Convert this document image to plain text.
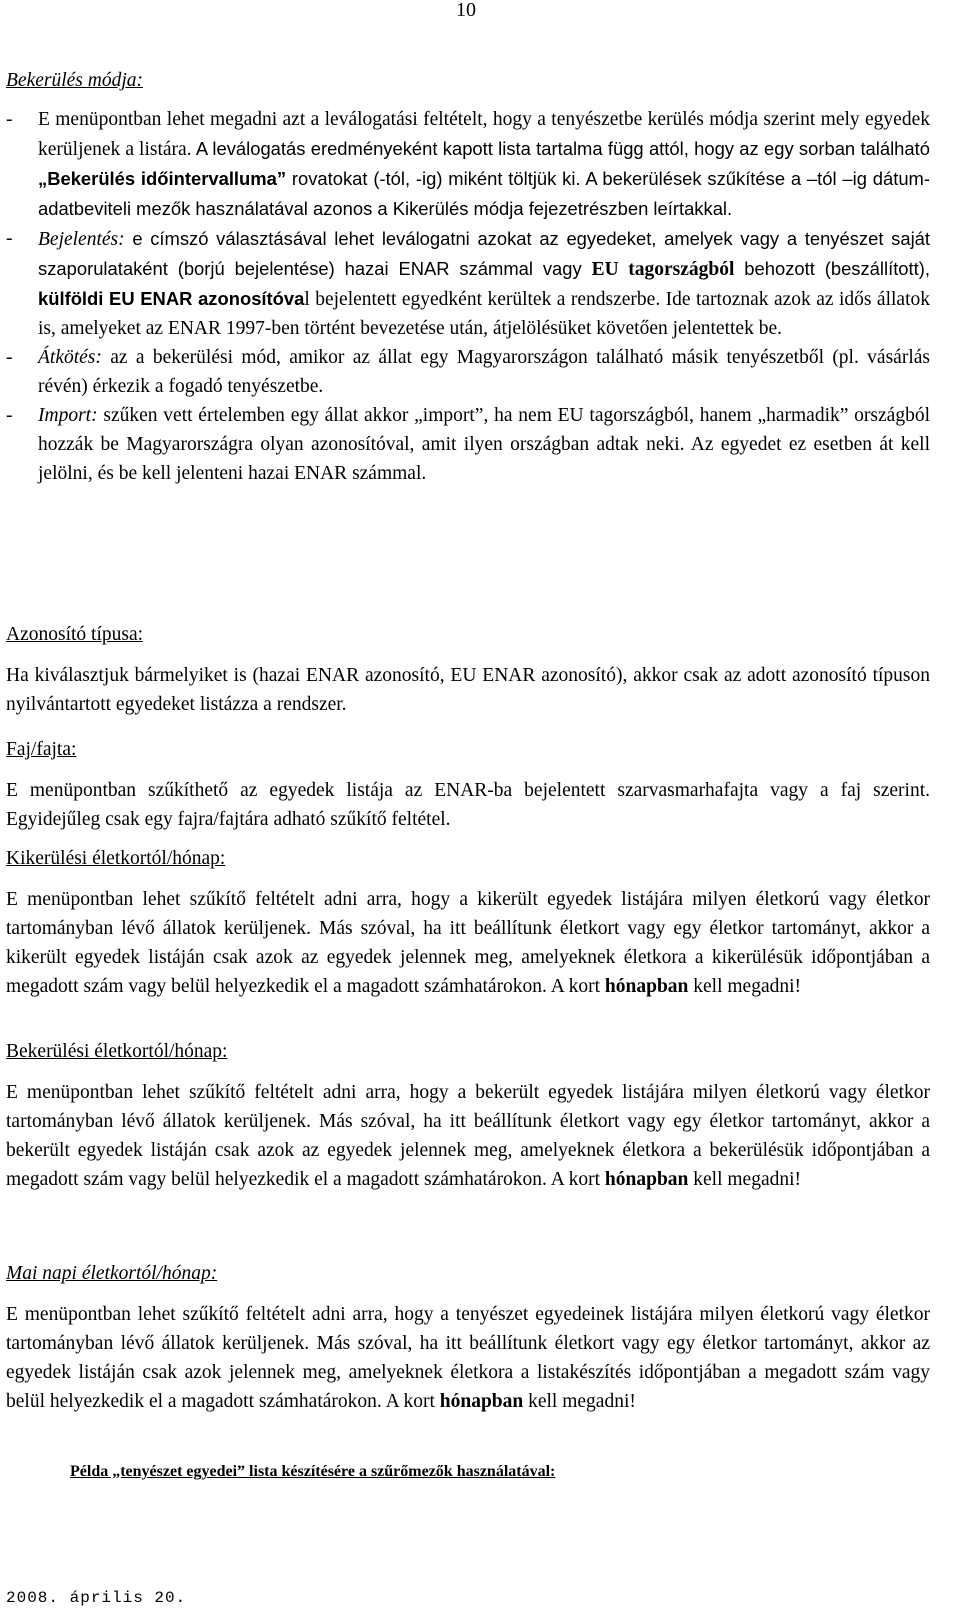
10
Bekerülés módja:

- E menüpontban lehet megadni azt a leválogatási feltételt, hogy a tenyészetbe kerülés módja szerint mely egyedek kerüljenek a listára. A leválogatás eredményeként kapott lista tartalma függ attól, hogy az egy sorban található „Bekerülés időintervalluma” rovatokat (-tól, -ig) miként töltjük ki. A bekerülések szűkítése a –tól –ig dátum-adatbeviteli mezők használatával azonos a Kikerülés módja fejezetrészben leírtakkal.

- Bejelentés: e címszó választásával lehet leválogatni azokat az egyedeket, amelyek vagy a tenyészet saját szaporulataként (borjú bejelentése) hazai ENAR számmal vagy EU tagországból behozott (beszállított), külföldi EU ENAR azonosítóval bejelentett egyedként kerültek a rendszerbe. Ide tartoznak azok az idős állatok is, amelyeket az ENAR 1997-ben történt bevezetése után, átjelölésüket követően jelentettek be.

- Átkötés: az a bekerülési mód, amikor az állat egy Magyarországon található másik tenyészetből (pl. vásárlás révén) érkezik a fogadó tenyészetbe.

- Import: szűken vett értelemben egy állat akkor „import”, ha nem EU tagországból, hanem „harmadik” országból hozzák be Magyarországra olyan azonosítóval, amit ilyen országban adtak neki. Az egyedet ez esetben át kell jelölni, és be kell jelenteni hazai ENAR számmal.

Azonosító típusa:

Ha kiválasztjuk bármelyiket is (hazai ENAR azonosító, EU ENAR azonosító), akkor csak az adott azonosító típuson nyilvántartott egyedeket listázza a rendszer.

Faj/fajta:

E menüpontban szűkíthető az egyedek listája az ENAR-ba bejelentett szarvasmarhafajta vagy a faj szerint. Egyidejűleg csak egy fajra/fajtára adható szűkítő feltétel.

Kikerülési életkortól/hónap:

E menüpontban lehet szűkítő feltételt adni arra, hogy a kikerült egyedek listájára milyen életkorú vagy életkor tartományban lévő állatok kerüljenek. Más szóval, ha itt beállítunk életkort vagy egy életkor tartományt, akkor a kikerült egyedek listáján csak azok az egyedek jelennek meg, amelyeknek életkora a kikerülésük időpontjában a megadott szám vagy belül helyezkedik el a magadott számhatárokon. A kort hónapban kell megadni!

Bekerülési életkortól/hónap:

E menüpontban lehet szűkítő feltételt adni arra, hogy a bekerült egyedek listájára milyen életkorú vagy életkor tartományban lévő állatok kerüljenek. Más szóval, ha itt beállítunk életkort vagy egy életkor tartományt, akkor a bekerült egyedek listáján csak azok az egyedek jelennek meg, amelyeknek életkora a bekerülésük időpontjában a megadott szám vagy belül helyezkedik el a magadott számhatárokon. A kort hónapban kell megadni!

Mai napi életkortól/hónap:

E menüpontban lehet szűkítő feltételt adni arra, hogy a tenyészet egyedeinek listájára milyen életkorú vagy életkor tartományban lévő állatok kerüljenek. Más szóval, ha itt beállítunk életkort vagy egy életkor tartományt, akkor az egyedek listáján csak azok jelennek meg, amelyeknek életkora a listakészítés időpontjában a megadott szám vagy belül helyezkedik el a magadott számhatárokon. A kort hónapban kell megadni!

Példa „tenyészet egyedei” lista készítésére a szűrőmezők használatával:
2008. április 20.
